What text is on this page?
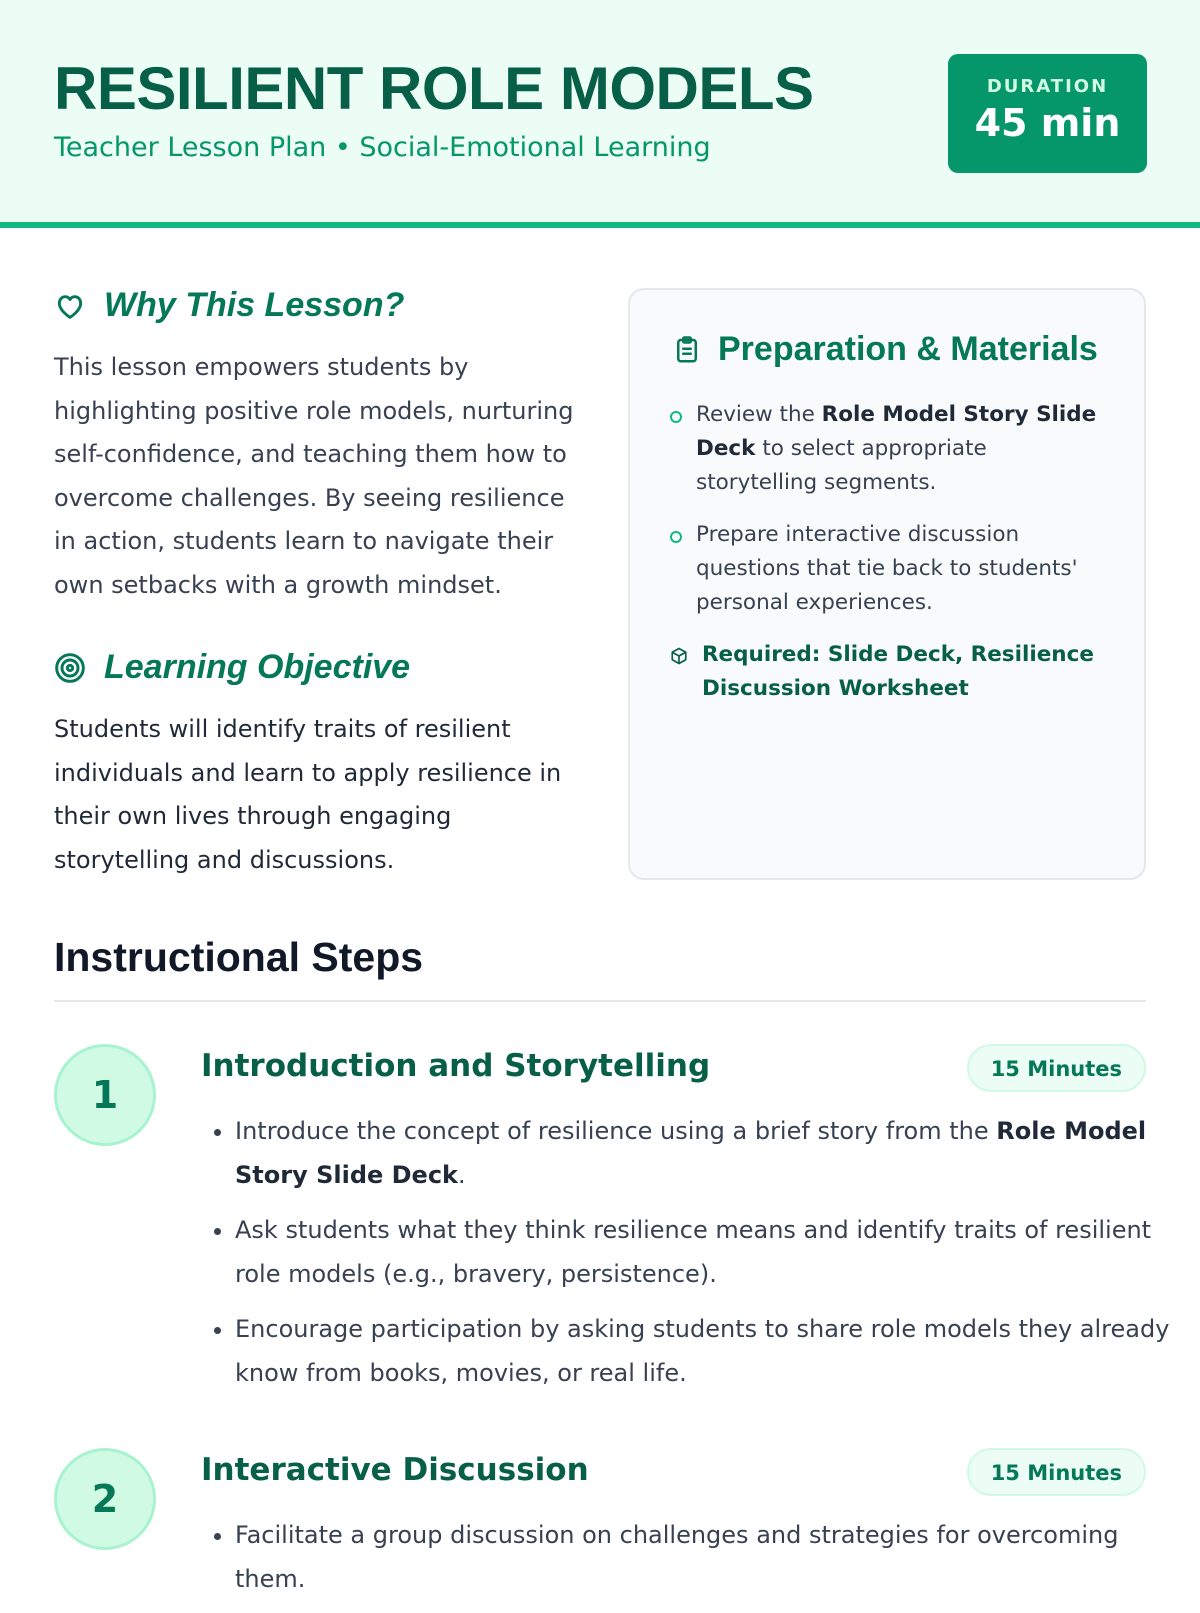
RESILIENT ROLE MODELS
Teacher Lesson Plan • Social-Emotional Learning
DURATION
45 min
Why This Lesson?

This lesson empowers students by highlighting positive role models, nurturing self-confidence, and teaching them how to overcome challenges. By seeing resilience in action, students learn to navigate their own setbacks with a growth mindset.

Learning Objective

Students will identify traits of resilient individuals and learn to apply resilience in their own lives through engaging storytelling and discussions.

Preparation & Materials
Review the Role Model Story Slide Deck to select appropriate storytelling segments.
Prepare interactive discussion questions that tie back to students' personal experiences.
Required: Slide Deck, Resilience Discussion Worksheet
Instructional Steps
1
Introduction and Storytelling	15 Minutes
• Introduce the concept of resilience using a brief story from the Role Model Story Slide Deck.
• Ask students what they think resilience means and identify traits of resilient role models (e.g., bravery, persistence).
• Encourage participation by asking students to share role models they already know from books, movies, or real life.
2
Interactive Discussion	15 Minutes
• Facilitate a group discussion on challenges and strategies for overcoming them.
